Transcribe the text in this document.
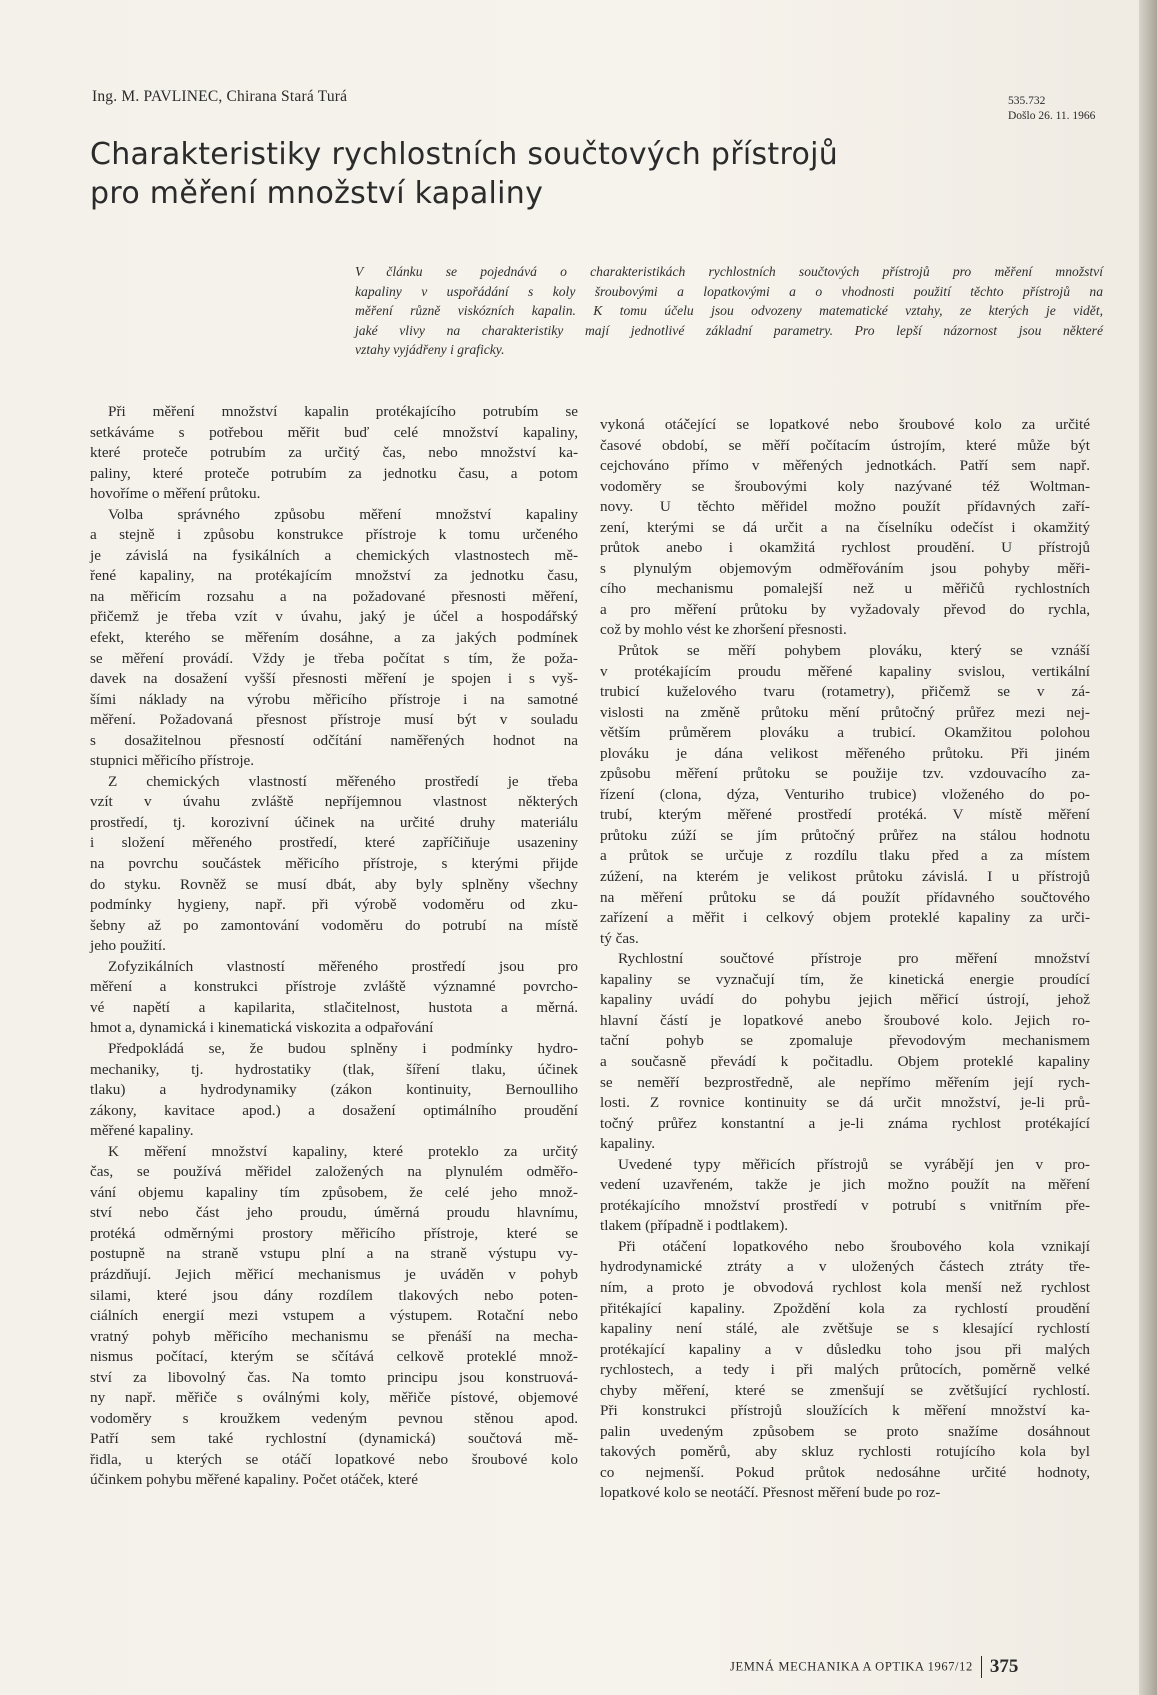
Ing. M. PAVLINEC, Chirana Stará Turá	535.732
Došlo 26. 11. 1966
Charakteristiky rychlostních součtových přístrojů
pro měření množství kapaliny
V článku se pojednává o charakteristikách rychlostních součtových přístrojů pro měření množství
kapaliny v uspořádání s koly šroubovými a lopatkovými a o vhodnosti použití těchto přístrojů na
měření různě viskózních kapalin. K tomu účelu jsou odvozeny matematické vztahy, ze kterých je vidět,
jaké vlivy na charakteristiky mají jednotlivé základní parametry. Pro lepší názornost jsou některé
vztahy vyjádřeny i graficky.

Při měření množství kapalin protékajícího potrubím se
setkáváme s potřebou měřit buď celé množství kapaliny,
které proteče potrubím za určitý čas, nebo množství ka-
paliny, které proteče potrubím za jednotku času, a potom
hovoříme o měření průtoku.

Volba správného způsobu měření množství kapaliny
a stejně i způsobu konstrukce přístroje k tomu určeného
je závislá na fysikálních a chemických vlastnostech mě-
řené kapaliny, na protékajícím množství za jednotku času,
na měřicím rozsahu a na požadované přesnosti měření,
přičemž je třeba vzít v úvahu, jaký je účel a hospodářský
efekt, kterého se měřením dosáhne, a za jakých podmínek
se měření provádí. Vždy je třeba počítat s tím, že poža-
davek na dosažení vyšší přesnosti měření je spojen i s vyš-
šími náklady na výrobu měřicího přístroje i na samotné
měření. Požadovaná přesnost přístroje musí být v souladu
s dosažitelnou přesností odčítání naměřených hodnot na
stupnici měřicího přístroje.

Z chemických vlastností měřeného prostředí je třeba
vzít v úvahu zvláště nepříjemnou vlastnost některých
prostředí, tj. korozivní účinek na určité druhy materiálu
i složení měřeného prostředí, které zapříčiňuje usazeniny
na povrchu součástek měřicího přístroje, s kterými přijde
do styku. Rovněž se musí dbát, aby byly splněny všechny
podmínky hygieny, např. při výrobě vodoměru od zku-
šebny až po zamontování vodoměru do potrubí na místě
jeho použití.

Zofyzikálních vlastností měřeného prostředí jsou pro
měření a konstrukci přístroje zvláště významné povrcho-
vé napětí a kapilarita, stlačitelnost, hustota a měrná.
hmot a, dynamická i kinematická viskozita a odpařování

Předpokládá se, že budou splněny i podmínky hydro-
mechaniky, tj. hydrostatiky (tlak, šíření tlaku, účinek
tlaku) a hydrodynamiky (zákon kontinuity, Bernoulliho
zákony, kavitace apod.) a dosažení optimálního proudění
měřené kapaliny.

K měření množství kapaliny, které proteklo za určitý
čas, se používá měřidel založených na plynulém odměřo-
vání objemu kapaliny tím způsobem, že celé jeho množ-
ství nebo část jeho proudu, úměrná proudu hlavnímu,
protéká odměrnými prostory měřicího přístroje, které se
postupně na straně vstupu plní a na straně výstupu vy-
prázdňují. Jejich měřicí mechanismus je uváděn v pohyb
silami, které jsou dány rozdílem tlakových nebo poten-
ciálních energií mezi vstupem a výstupem. Rotační nebo
vratný pohyb měřicího mechanismu se přenáší na mecha-
nismus počítací, kterým se sčítává celkově proteklé množ-
ství za libovolný čas. Na tomto principu jsou konstruová-
ny např. měřiče s oválnými koly, měřiče pístové, objemové
vodoměry s kroužkem vedeným pevnou stěnou apod.
Patří sem také rychlostní (dynamická) součtová mě-
řidla, u kterých se otáčí lopatkové nebo šroubové kolo
účinkem pohybu měřené kapaliny. Počet otáček, které

vykoná otáčející se lopatkové nebo šroubové kolo za určité
časové období, se měří počítacím ústrojím, které může být
cejchováno přímo v měřených jednotkách. Patří sem např.
vodoměry se šroubovými koly nazývané též Woltman-
novy. U těchto měřidel možno použít přídavných zaří-
zení, kterými se dá určit a na číselníku odečíst i okamžitý
průtok anebo i okamžitá rychlost proudění. U přístrojů
s plynulým objemovým odměřováním jsou pohyby měři-
cího mechanismu pomalejší než u měřičů rychlostních
a pro měření průtoku by vyžadovaly převod do rychla,
což by mohlo vést ke zhoršení přesnosti.

Průtok se měří pohybem plováku, který se vznáší
v protékajícím proudu měřené kapaliny svislou, vertikální
trubicí kuželového tvaru (rotametry), přičemž se v zá-
vislosti na změně průtoku mění průtočný průřez mezi nej-
větším průměrem plováku a trubicí. Okamžitou polohou
plováku je dána velikost měřeného průtoku. Při jiném
způsobu měření průtoku se použije tzv. vzdouvacího za-
řízení (clona, dýza, Venturiho trubice) vloženého do po-
trubí, kterým měřené prostředí protéká. V místě měření
průtoku zúží se jím průtočný průřez na stálou hodnotu
a průtok se určuje z rozdílu tlaku před a za místem
zúžení, na kterém je velikost průtoku závislá. I u přístrojů
na měření průtoku se dá použít přídavného součtového
zařízení a měřit i celkový objem proteklé kapaliny za urči-
tý čas.

Rychlostní součtové přístroje pro měření množství
kapaliny se vyznačují tím, že kinetická energie proudící
kapaliny uvádí do pohybu jejich měřicí ústrojí, jehož
hlavní částí je lopatkové anebo šroubové kolo. Jejich ro-
tační pohyb se zpomaluje převodovým mechanismem
a současně převádí k počitadlu. Objem proteklé kapaliny
se neměří bezprostředně, ale nepřímo měřením její rych-
losti. Z rovnice kontinuity se dá určit množství, je-li prů-
točný průřez konstantní a je-li známa rychlost protékající
kapaliny.

Uvedené typy měřicích přístrojů se vyrábějí jen v pro-
vedení uzavřeném, takže je jich možno použít na měření
protékajícího množství prostředí v potrubí s vnitřním pře-
tlakem (případně i podtlakem).

Při otáčení lopatkového nebo šroubového kola vznikají
hydrodynamické ztráty a v uložených částech ztráty tře-
ním, a proto je obvodová rychlost kola menší než rychlost
přitékající kapaliny. Zpoždění kola za rychlostí proudění
kapaliny není stálé, ale zvětšuje se s klesající rychlostí
protékající kapaliny a v důsledku toho jsou při malých
rychlostech, a tedy i při malých průtocích, poměrně velké
chyby měření, které se zmenšují se zvětšující rychlostí.
Při konstrukci přístrojů sloužících k měření množství ka-
palin uvedeným způsobem se proto snažíme dosáhnout
takových poměrů, aby skluz rychlosti rotujícího kola byl
co nejmenší. Pokud průtok nedosáhne určité hodnoty,
lopatkové kolo se neotáčí. Přesnost měření bude po roz-

JEMNÁ MECHANIKA A OPTIKA 1967/12 375
